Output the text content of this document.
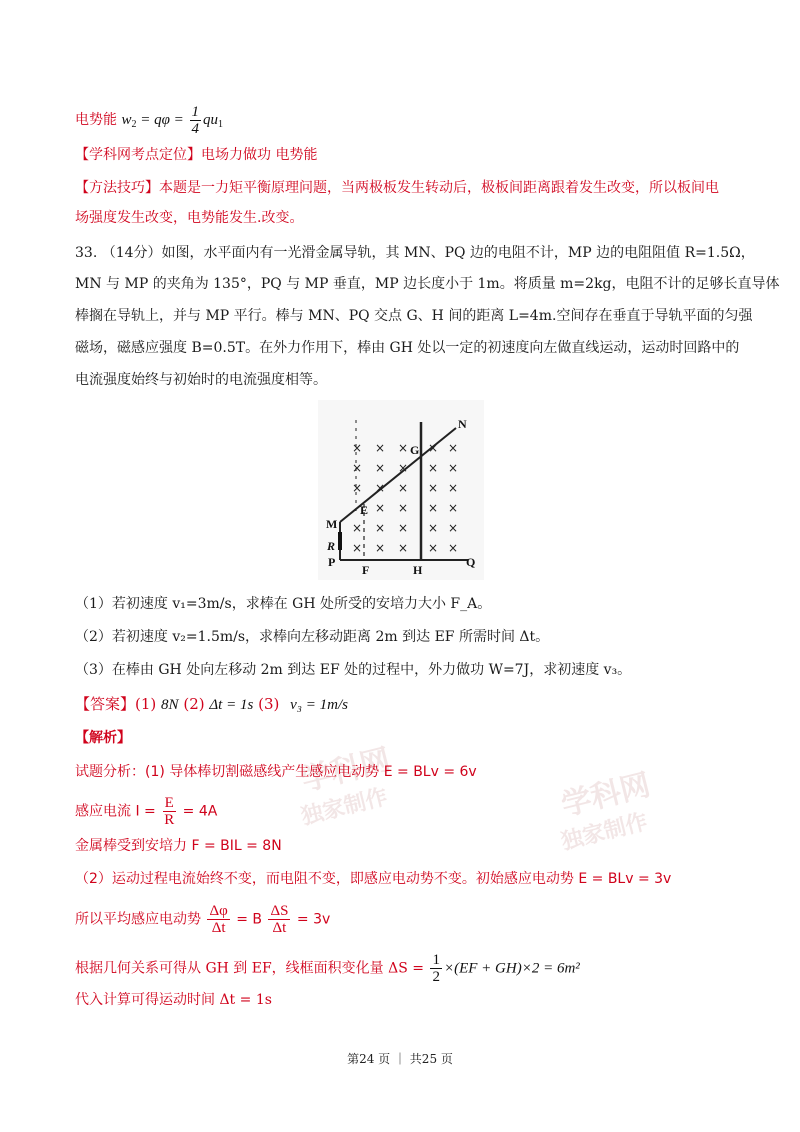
电势能 $w_2 = q\varphi = \frac{1}{4} qu_1$
【学科网考点定位】电场力做功 电势能
【方法技巧】本题是一力矩平衡原理问题，当两极板发生转动后，极板间距离跟着发生改变，所以板间电
场强度发生改变，电势能发生.改变。
33. （14分）如图，水平面内有一光滑金属导轨，其 MN、PQ 边的电阻不计，MP 边的电阻阻值 R=1.5Ω，
MN 与 MP 的夹角为 135°，PQ 与 MP 垂直，MP 边长度小于 1m。将质量 m=2kg，电阻不计的足够长直导体
棒搁在导轨上，并与 MP 平行。棒与 MN、PQ 交点 G、H 间的距离 L=4m.空间存在垂直于导轨平面的匀强
磁场，磁感应强度 B=0.5T。在外力作用下，棒由 GH 处以一定的初速度向左做直线运动，运动时回路中的
电流强度始终与初始时的电流强度相等。
× × × × ×
× × × × ×
× × × × ×
× × × ×
× × × × ×
× × × × ×
N
G
E
M
R
P
F	H
Q
（1）若初速度 v₁=3m/s，求棒在 GH 处所受的安培力大小 F_A。
（2）若初速度 v₂=1.5m/s，求棒向左移动距离 2m 到达 EF 所需时间 Δt。
（3）在棒由 GH 处向左移动 2m 到达 EF 处的过程中，外力做功 W=7J，求初速度 v₃。
【答案】(1) 8N (2) Δt = 1s (3) v₃ = 1m/s
学科网
独家制作	学科网
独家制作
【解析】
试题分析：(1) 导体棒切割磁感线产生感应电动势 E = BLv = 6v
感应电流 $I = \frac{E}{R} = 4A$
金属棒受到安培力 F = BIL = 8N
（2）运动过程电流始终不变，而电阻不变，即感应电动势不变。初始感应电动势 E = BLv = 3v
所以平均感应电动势 $\frac{\Delta\varphi}{\Delta t} = B \frac{\Delta S}{\Delta t} = 3v$
根据几何关系可得从 GH 到 EF，线框面积变化量 $\Delta S = \frac{1}{2} \times(EF + GH)\times 2 = 6m^2$
代入计算可得运动时间 Δt = 1s
第24 页 ｜ 共25 页
